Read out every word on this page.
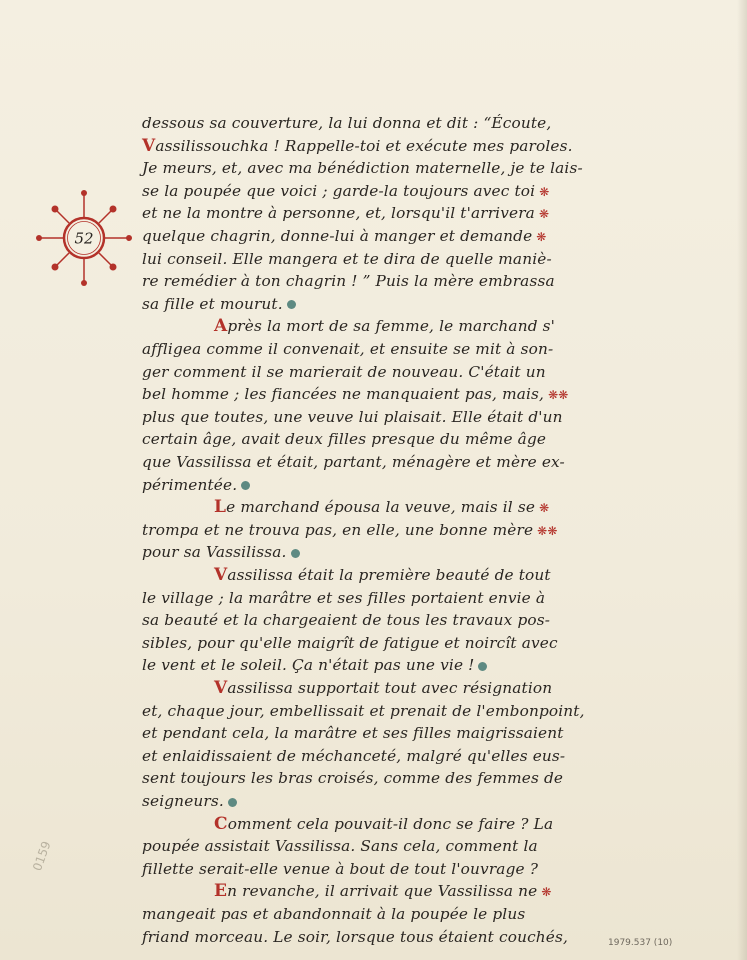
52
dessous sa couverture, la lui donna et dit : “Écoute,
Vassilissouchka ! Rappelle-toi et exécute mes paroles.
Je meurs, et, avec ma bénédiction maternelle, je te lais-
se la poupée que voici ; garde-la toujours avec toi ❋
et ne la montre à personne, et, lorsqu'il t'arrivera ❋
quelque chagrin, donne-lui à manger et demande ❋
lui conseil. Elle mangera et te dira de quelle maniè-
re remédier à ton chagrin ! ” Puis la mère embrassa
sa fille et mourut.
Après la mort de sa femme, le marchand s'
affligea comme il convenait, et ensuite se mit à son-
ger comment il se marierait de nouveau. C'était un
bel homme ; les fiancées ne manquaient pas, mais, ❋❋
plus que toutes, une veuve lui plaisait. Elle était d'un
certain âge, avait deux filles presque du même âge
que Vassilissa et était, partant, ménagère et mère ex-
périmentée.
Le marchand épousa la veuve, mais il se ❋
trompa et ne trouva pas, en elle, une bonne mère ❋❋
pour sa Vassilissa.
Vassilissa était la première beauté de tout
le village ; la marâtre et ses filles portaient envie à
sa beauté et la chargeaient de tous les travaux pos-
sibles, pour qu'elle maigrît de fatigue et noircît avec
le vent et le soleil. Ça n'était pas une vie !
Vassilissa supportait tout avec résignation
et, chaque jour, embellissait et prenait de l'embonpoint,
et pendant cela, la marâtre et ses filles maigrissaient
et enlaidissaient de méchanceté, malgré qu'elles eus-
sent toujours les bras croisés, comme des femmes de
seigneurs.
Comment cela pouvait-il donc se faire ? La
poupée assistait Vassilissa. Sans cela, comment la
fillette serait-elle venue à bout de tout l'ouvrage ?
En revanche, il arrivait que Vassilissa ne ❋
mangeait pas et abandonnait à la poupée le plus
friand morceau. Le soir, lorsque tous étaient couchés,
0159
1979.537 (10)
